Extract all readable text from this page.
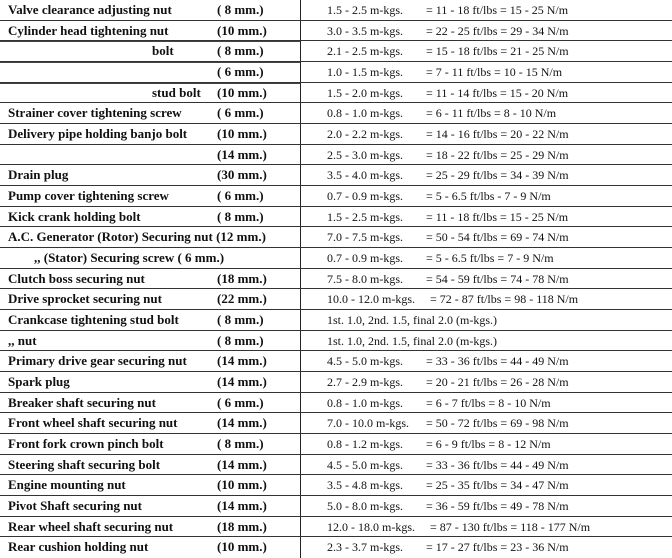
Valve clearance adjusting nut	( 8 mm.)	1.5 - 2.5 m-kgs. = 11 - 18 ft/lbs = 15 - 25 N/m
Cylinder head tightening nut	(10 mm.)	3.0 - 3.5 m-kgs. = 22 - 25 ft/lbs = 29 - 34 N/m
bolt	( 8 mm.)	2.1 - 2.5 m-kgs. = 15 - 18 ft/lbs = 21 - 25 N/m
( 6 mm.)	1.0 - 1.5 m-kgs. = 7 - 11 ft/lbs = 10 - 15 N/m
stud bolt (10 mm.)	1.5 - 2.0 m-kgs. = 11 - 14 ft/lbs = 15 - 20 N/m
Strainer cover tightening screw	( 6 mm.)	0.8 - 1.0 m-kgs. = 6 - 11 ft/lbs = 8 - 10 N/m
Delivery pipe holding banjo bolt (10 mm.)	2.0 - 2.2 m-kgs. = 14 - 16 ft/lbs = 20 - 22 N/m
(14 mm.)	2.5 - 3.0 m-kgs. = 18 - 22 ft/lbs = 25 - 29 N/m
Drain plug	(30 mm.)	3.5 - 4.0 m-kgs. = 25 - 29 ft/lbs = 34 - 39 N/m
Pump cover tightening screw	( 6 mm.)	0.7 - 0.9 m-kgs. = 5 - 6.5 ft/lbs - 7 - 9 N/m
Kick crank holding bolt	( 8 mm.)	1.5 - 2.5 m-kgs. = 11 - 18 ft/lbs = 15 - 25 N/m
A.C. Generator (Rotor) Securing nut (12 mm.)	7.0 - 7.5 m-kgs. = 50 - 54 ft/lbs = 69 - 74 N/m
,, (Stator) Securing screw ( 6 mm.)	0.7 - 0.9 m-kgs. = 5 - 6.5 ft/lbs = 7 - 9 N/m
Clutch boss securing nut	(18 mm.)	7.5 - 8.0 m-kgs. = 54 - 59 ft/lbs = 74 - 78 N/m
Drive sprocket securing nut	(22 mm.)	10.0 - 12.0 m-kgs. = 72 - 87 ft/lbs = 98 - 118 N/m
Crankcase tightening stud bolt	( 8 mm.)	1st. 1.0, 2nd. 1.5, final 2.0 (m-kgs.)
,, nut	( 8 mm.)	1st. 1.0, 2nd. 1.5, final 2.0 (m-kgs.)
Primary drive gear securing nut (14 mm.)	4.5 - 5.0 m-kgs. = 33 - 36 ft/lbs = 44 - 49 N/m
Spark plug	(14 mm.)	2.7 - 2.9 m-kgs. = 20 - 21 ft/lbs = 26 - 28 N/m
Breaker shaft securing nut	( 6 mm.)	0.8 - 1.0 m-kgs. = 6 - 7 ft/lbs = 8 - 10 N/m
Front wheel shaft securing nut	(14 mm.)	7.0 - 10.0 m-kgs. = 50 - 72 ft/lbs = 69 - 98 N/m
Front fork crown pinch bolt	( 8 mm.)	0.8 - 1.2 m-kgs. = 6 - 9 ft/lbs = 8 - 12 N/m
Steering shaft securing bolt	(14 mm.)	4.5 - 5.0 m-kgs. = 33 - 36 ft/lbs = 44 - 49 N/m
Engine mounting nut	(10 mm.)	3.5 - 4.8 m-kgs. = 25 - 35 ft/lbs = 34 - 47 N/m
Pivot Shaft securing nut	(14 mm.)	5.0 - 8.0 m-kgs. = 36 - 59 ft/lbs = 49 - 78 N/m
Rear wheel shaft securing nut	(18 mm.)	12.0 - 18.0 m-kgs. = 87 - 130 ft/lbs = 118 - 177 N/m
Rear cushion holding nut	(10 mm.)	2.3 - 3.7 m-kgs. = 17 - 27 ft/lbs = 23 - 36 N/m
